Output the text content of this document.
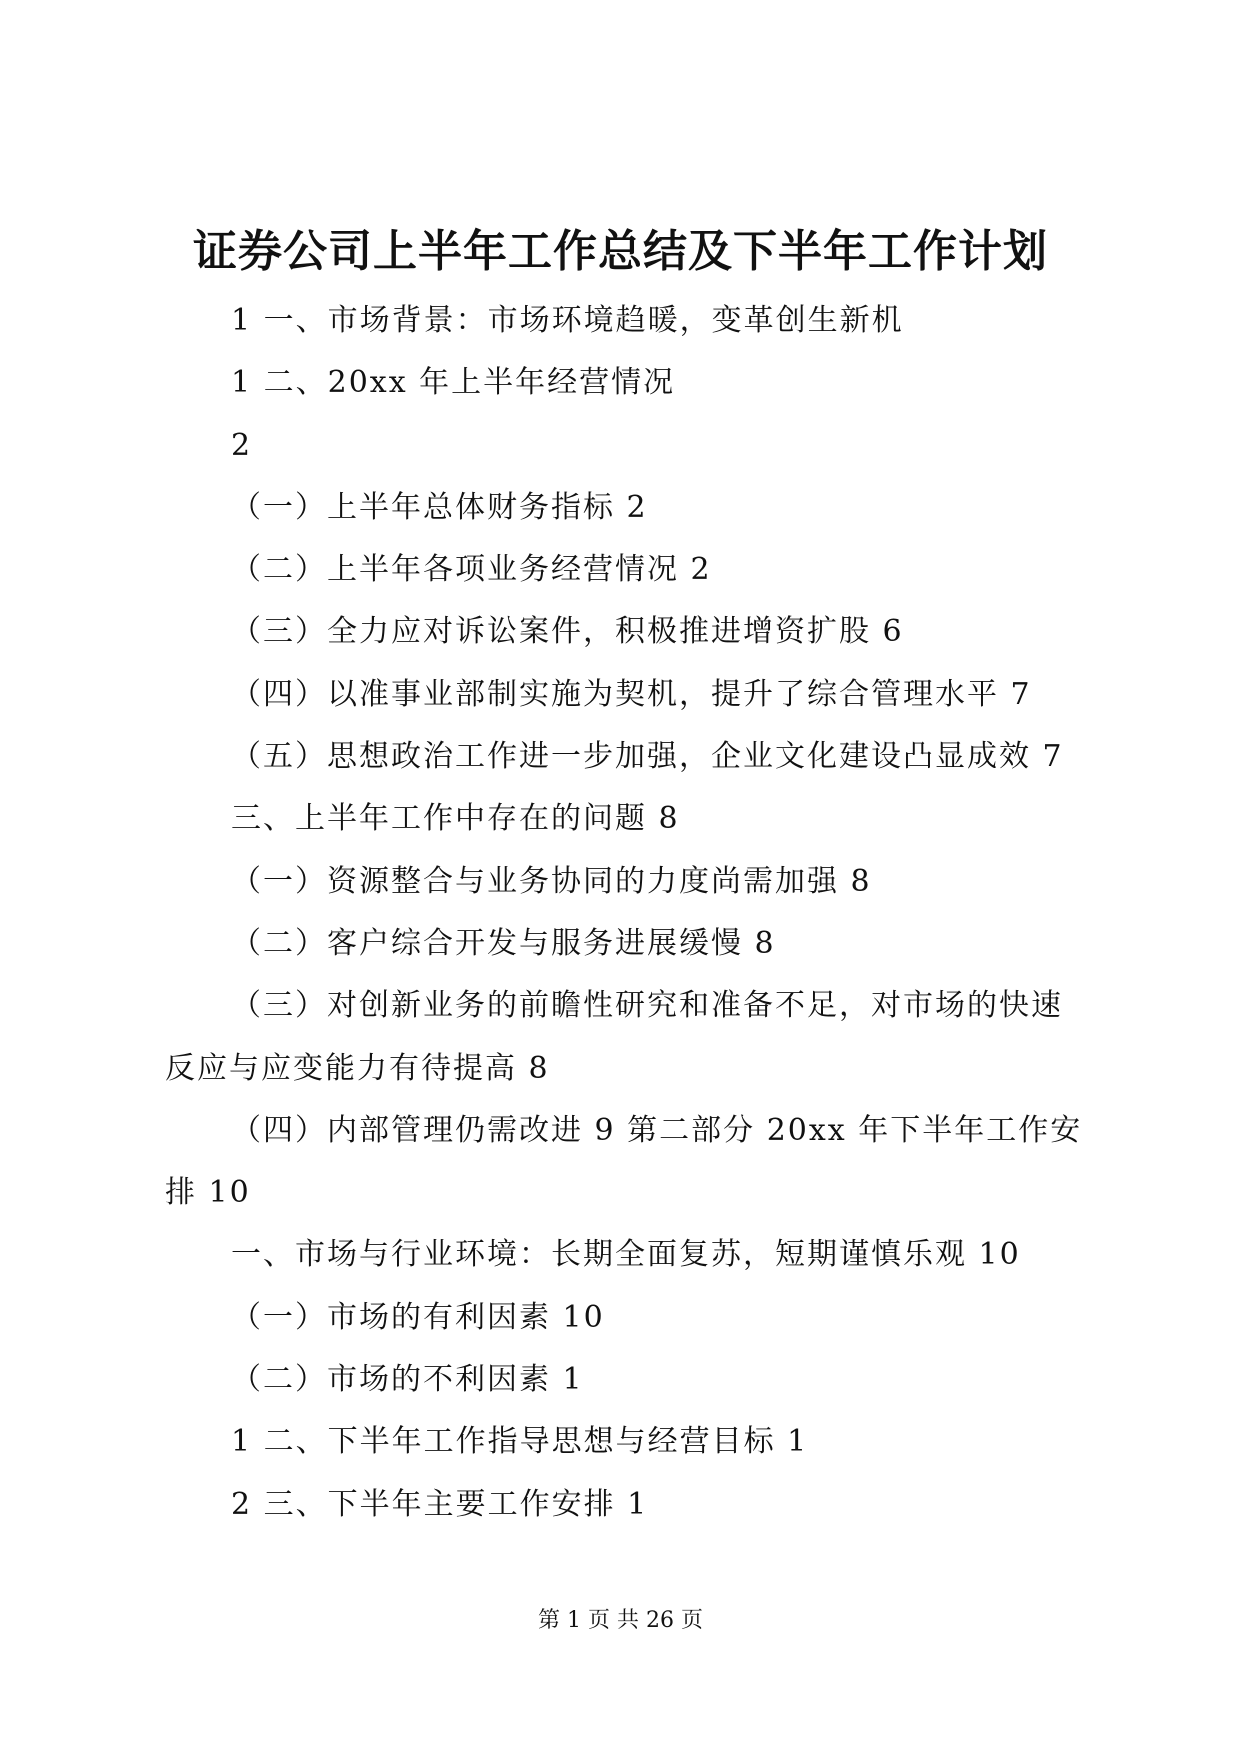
证券公司上半年工作总结及下半年工作计划
1 一、市场背景：市场环境趋暖，变革创生新机
1 二、20xx 年上半年经营情况
2
（一）上半年总体财务指标 2
（二）上半年各项业务经营情况 2
（三）全力应对诉讼案件，积极推进增资扩股 6
（四）以准事业部制实施为契机，提升了综合管理水平 7
（五）思想政治工作进一步加强，企业文化建设凸显成效 7
三、上半年工作中存在的问题 8
（一）资源整合与业务协同的力度尚需加强 8
（二）客户综合开发与服务进展缓慢 8
（三）对创新业务的前瞻性研究和准备不足，对市场的快速
反应与应变能力有待提高 8
（四）内部管理仍需改进 9 第二部分 20xx 年下半年工作安
排 10
一、市场与行业环境：长期全面复苏，短期谨慎乐观 10
（一）市场的有利因素 10
（二）市场的不利因素 1
1 二、下半年工作指导思想与经营目标 1
2 三、下半年主要工作安排 1
第 1 页 共 26 页
